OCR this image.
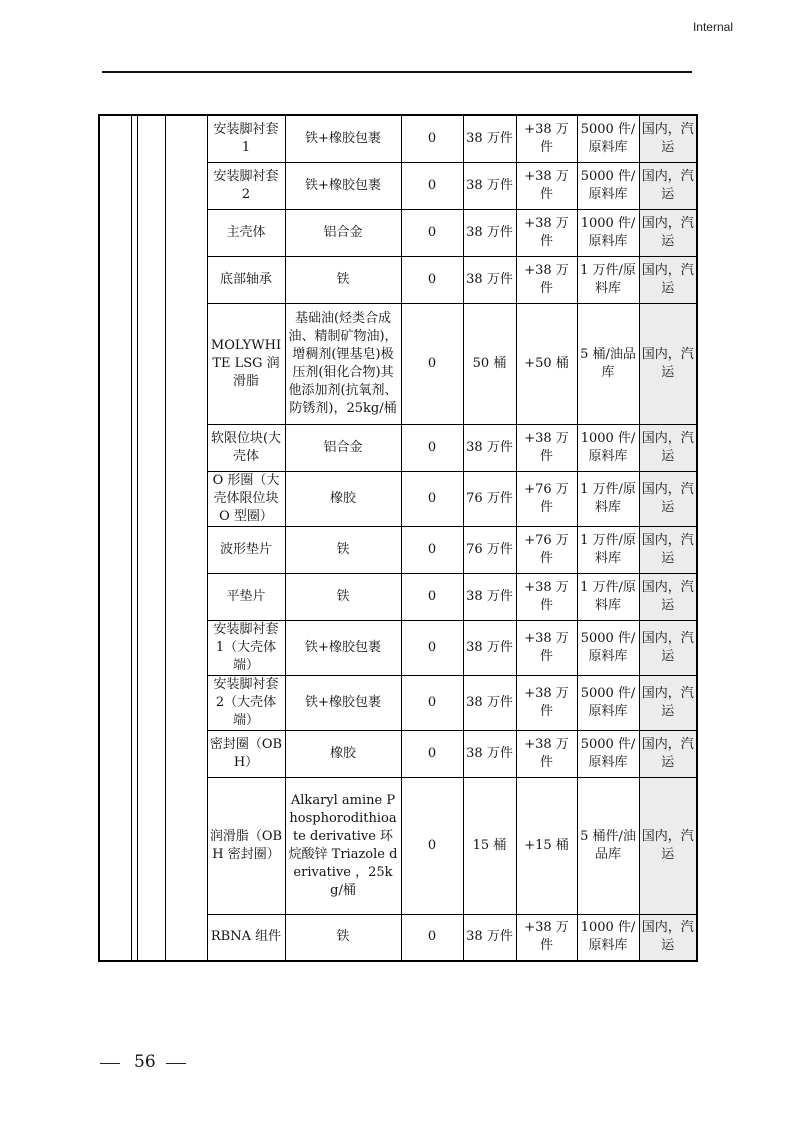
Internal
				安装脚衬套 1	铁+橡胶包裹	0	38 万件	+38 万件	5000 件/原料库	国内，汽运
				安装脚衬套 2	铁+橡胶包裹	0	38 万件	+38 万件	5000 件/原料库	国内，汽运
				主壳体	铝合金	0	38 万件	+38 万件	1000 件/原料库	国内，汽运
				底部轴承	铁	0	38 万件	+38 万件	1 万件/原料库	国内，汽运
				MOLYWHITE LSG 润滑脂	基础油(烃类合成油、精制矿物油)，增稠剂(锂基皂)极压剂(钼化合物)其他添加剂(抗氧剂、防锈剂)，25kg/桶	0	50 桶	+50 桶	5 桶/油品库	国内，汽运
				软限位块(大壳体	铝合金	0	38 万件	+38 万件	1000 件/原料库	国内，汽运
				O 形圈（大壳体限位块 O 型圈）	橡胶	0	76 万件	+76 万件	1 万件/原料库	国内，汽运
				波形垫片	铁	0	76 万件	+76 万件	1 万件/原料库	国内，汽运
				平垫片	铁	0	38 万件	+38 万件	1 万件/原料库	国内，汽运
				安装脚衬套 1（大壳体端）	铁+橡胶包裹	0	38 万件	+38 万件	5000 件/原料库	国内，汽运
				安装脚衬套 2（大壳体端）	铁+橡胶包裹	0	38 万件	+38 万件	5000 件/原料库	国内，汽运
				密封圈（OBH）	橡胶	0	38 万件	+38 万件	5000 件/原料库	国内，汽运
				润滑脂（OBH 密封圈）	Alkaryl amine Phosphorodithioate derivative 环烷酸锌 Triazole derivative ，25kg/桶	0	15 桶	+15 桶	5 桶件/油品库	国内，汽运
				RBNA 组件	铁	0	38 万件	+38 万件	1000 件/原料库	国内，汽运
56
